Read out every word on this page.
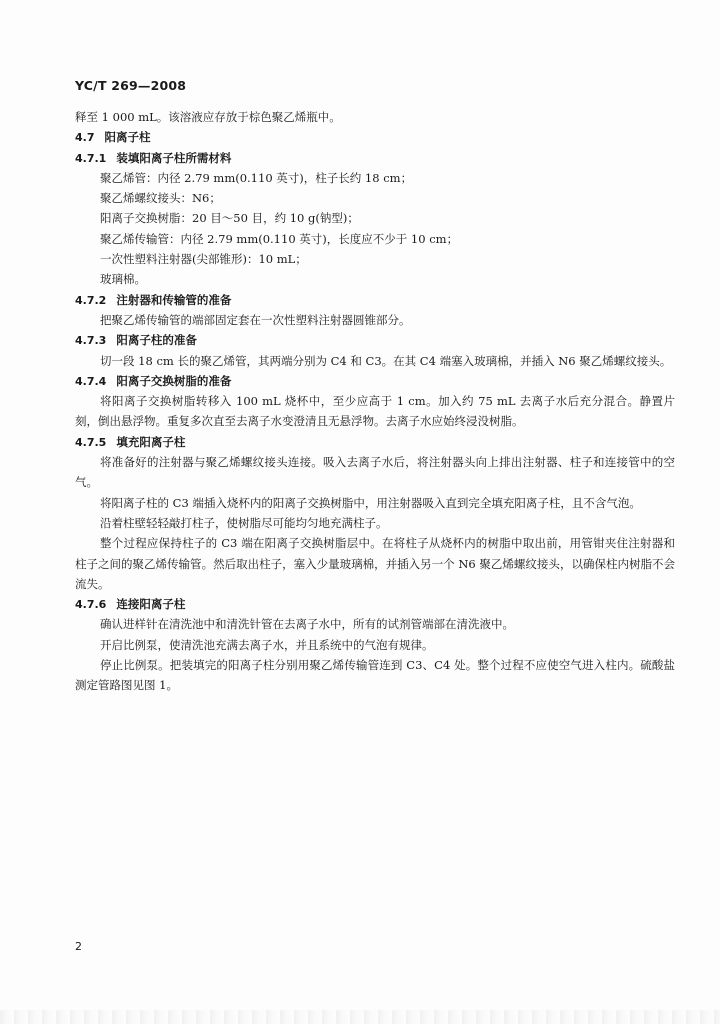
YC/T 269—2008
释至 1 000 mL。该溶液应存放于棕色聚乙烯瓶中。
4.7 阳离子柱
4.7.1 装填阳离子柱所需材料
聚乙烯管：内径 2.79 mm(0.110 英寸)，柱子长约 18 cm；
聚乙烯螺纹接头：N6；
阳离子交换树脂：20 目～50 目，约 10 g(钠型)；
聚乙烯传输管：内径 2.79 mm(0.110 英寸)，长度应不少于 10 cm；
一次性塑料注射器(尖部锥形)：10 mL；
玻璃棉。
4.7.2 注射器和传输管的准备
把聚乙烯传输管的端部固定套在一次性塑料注射器圆锥部分。
4.7.3 阳离子柱的准备
切一段 18 cm 长的聚乙烯管，其两端分别为 C4 和 C3。在其 C4 端塞入玻璃棉，并插入 N6 聚乙烯螺纹接头。
4.7.4 阳离子交换树脂的准备
将阳离子交换树脂转移入 100 mL 烧杯中，至少应高于 1 cm。加入约 75 mL 去离子水后充分混合。静置片刻，倒出悬浮物。重复多次直至去离子水变澄清且无悬浮物。去离子水应始终浸没树脂。
4.7.5 填充阳离子柱
将准备好的注射器与聚乙烯螺纹接头连接。吸入去离子水后，将注射器头向上排出注射器、柱子和连接管中的空气。
将阳离子柱的 C3 端插入烧杯内的阳离子交换树脂中，用注射器吸入直到完全填充阳离子柱，且不含气泡。
沿着柱壁轻轻敲打柱子，使树脂尽可能均匀地充满柱子。
整个过程应保持柱子的 C3 端在阳离子交换树脂层中。在将柱子从烧杯内的树脂中取出前，用管钳夹住注射器和柱子之间的聚乙烯传输管。然后取出柱子，塞入少量玻璃棉，并插入另一个 N6 聚乙烯螺纹接头，以确保柱内树脂不会流失。
4.7.6 连接阳离子柱
确认进样针在清洗池中和清洗针管在去离子水中，所有的试剂管端部在清洗液中。
开启比例泵，使清洗池充满去离子水，并且系统中的气泡有规律。
停止比例泵。把装填完的阳离子柱分别用聚乙烯传输管连到 C3、C4 处。整个过程不应使空气进入柱内。硫酸盐测定管路图见图 1。
2
